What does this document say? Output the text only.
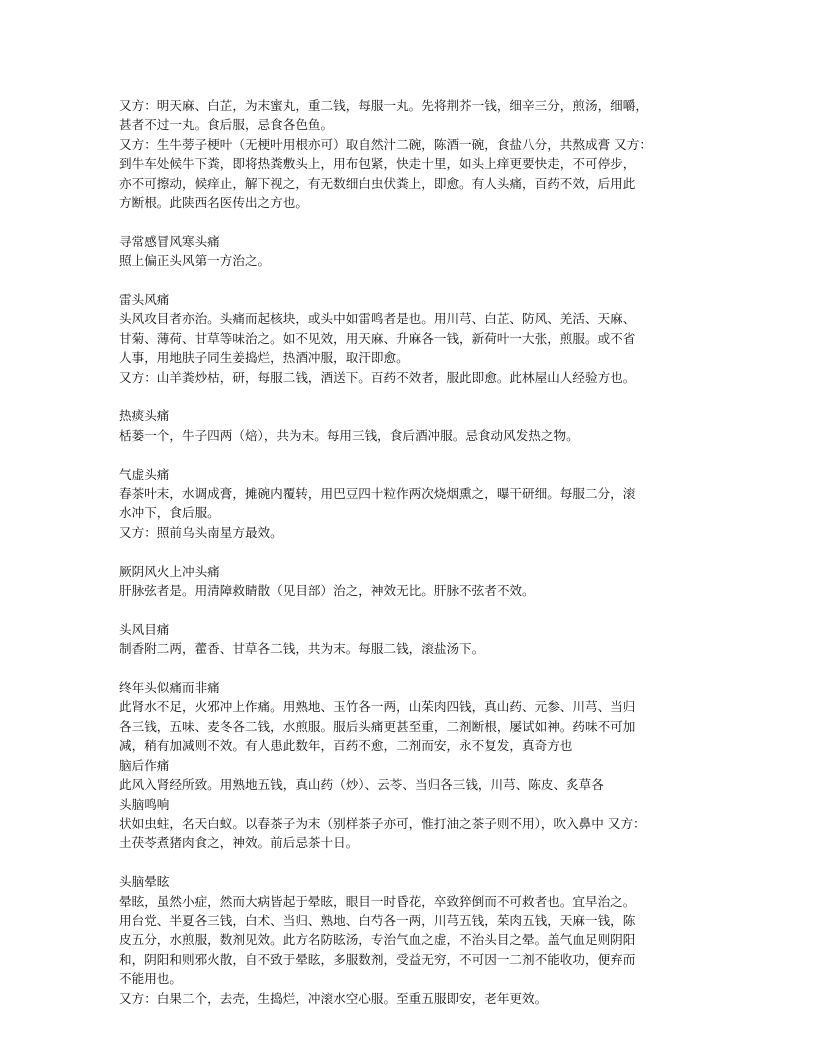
又方：明天麻、白芷，为末蜜丸，重二钱，每服一丸。先将荆芥一钱，细辛三分，煎汤，细嚼，
甚者不过一丸。食后服，忌食各色鱼。
又方：生牛蒡子梗叶（无梗叶用根亦可）取自然汁二碗，陈酒一碗，食盐八分，共熬成膏 又方：
到牛车处候牛下粪，即将热粪敷头上，用布包紧，快走十里，如头上痒更要快走，不可停步，
亦不可擦动，候痒止，解下视之，有无数细白虫伏粪上，即愈。有人头痛，百药不效，后用此
方断根。此陕西名医传出之方也。
寻常感冒风寒头痛
照上偏正头风第一方治之。
雷头风痛
头风攻目者亦治。头痛而起核块，或头中如雷鸣者是也。用川芎、白芷、防风、羌活、天麻、
甘菊、薄荷、甘草等味治之。如不见效，用天麻、升麻各一钱，新荷叶一大张，煎服。或不省
人事，用地肤子同生姜捣烂，热酒冲服，取汗即愈。
又方：山羊粪炒枯，研，每服二钱，酒送下。百药不效者，服此即愈。此林屋山人经验方也。
热痰头痛
栝蒌一个，牛子四两（焙），共为末。每用三钱，食后酒冲服。忌食动风发热之物。
气虚头痛
春茶叶末，水调成膏，摊碗内覆转，用巴豆四十粒作两次烧烟熏之，曝干研细。每服二分，滚
水冲下，食后服。
又方：照前乌头南星方最效。
厥阴风火上冲头痛
肝脉弦者是。用清障救睛散（见目部）治之，神效无比。肝脉不弦者不效。
头风目痛
制香附二两，藿香、甘草各二钱，共为末。每服二钱，滚盐汤下。
终年头似痛而非痛
此肾水不足，火邪冲上作痛。用熟地、玉竹各一两，山茱肉四钱，真山药、元参、川芎、当归
各三钱，五味、麦冬各二钱，水煎服。服后头痛更甚至重，二剂断根，屡试如神。药味不可加
减，稍有加减则不效。有人患此数年，百药不愈，二剂而安，永不复发，真奇方也
脑后作痛
此风入肾经所致。用熟地五钱，真山药（炒）、云苓、当归各三钱，川芎、陈皮、炙草各
头脑鸣响
状如虫蛀，名天白蚁。以春茶子为末（别样茶子亦可，惟打油之茶子则不用），吹入鼻中 又方：
土茯苓煮猪肉食之，神效。前后忌茶十日。
头脑晕眩
晕眩，虽然小症，然而大病皆起于晕眩，眼目一时昏花，卒致猝倒而不可救者也。宜早治之。
用台党、半夏各三钱，白术、当归、熟地、白芍各一两，川芎五钱，茱肉五钱，天麻一钱，陈
皮五分，水煎服，数剂见效。此方名防眩汤，专治气血之虚，不治头目之晕。盖气血足则阴阳
和，阴阳和则邪火散，自不致于晕眩，多服数剂，受益无穷，不可因一二剂不能收功，便弃而
不能用也。
又方：白果二个，去壳，生捣烂，冲滚水空心服。至重五服即安，老年更效。
